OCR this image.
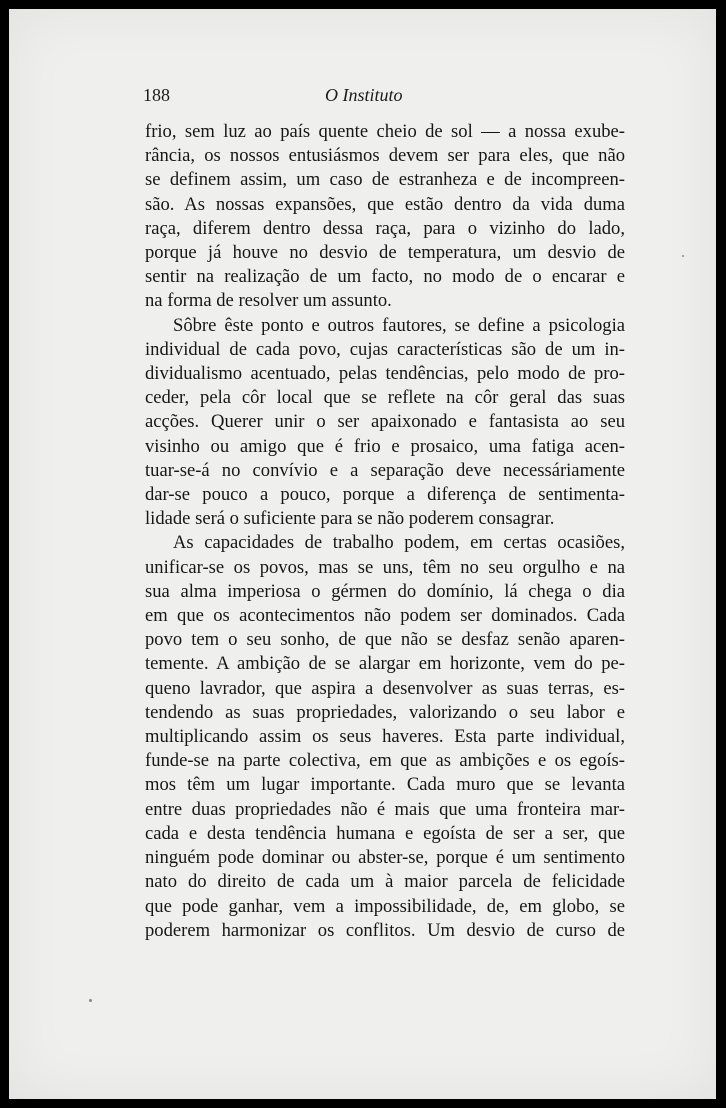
188	O Instituto
frio, sem luz ao país quente cheio de sol — a nossa exube-
rância, os nossos entusiásmos devem ser para eles, que não
se definem assim, um caso de estranheza e de incompreen-
são. As nossas expansões, que estão dentro da vida duma
raça, diferem dentro dessa raça, para o vizinho do lado,
porque já houve no desvio de temperatura, um desvio de
sentir na realização de um facto, no modo de o encarar e
na forma de resolver um assunto.
Sôbre êste ponto e outros fautores, se define a psicologia
individual de cada povo, cujas características são de um in-
dividualismo acentuado, pelas tendências, pelo modo de pro-
ceder, pela côr local que se reflete na côr geral das suas
acções. Querer unir o ser apaixonado e fantasista ao seu
visinho ou amigo que é frio e prosaico, uma fatiga acen-
tuar-se-á no convívio e a separação deve necessáriamente
dar-se pouco a pouco, porque a diferença de sentimenta-
lidade será o suficiente para se não poderem consagrar.
As capacidades de trabalho podem, em certas ocasiões,
unificar-se os povos, mas se uns, têm no seu orgulho e na
sua alma imperiosa o gérmen do domínio, lá chega o dia
em que os acontecimentos não podem ser dominados. Cada
povo tem o seu sonho, de que não se desfaz senão aparen-
temente. A ambição de se alargar em horizonte, vem do pe-
queno lavrador, que aspira a desenvolver as suas terras, es-
tendendo as suas propriedades, valorizando o seu labor e
multiplicando assim os seus haveres. Esta parte individual,
funde-se na parte colectiva, em que as ambições e os egoís-
mos têm um lugar importante. Cada muro que se levanta
entre duas propriedades não é mais que uma fronteira mar-
cada e desta tendência humana e egoísta de ser a ser, que
ninguém pode dominar ou abster-se, porque é um sentimento
nato do direito de cada um à maior parcela de felicidade
que pode ganhar, vem a impossibilidade, de, em globo, se
poderem harmonizar os conflitos. Um desvio de curso de
